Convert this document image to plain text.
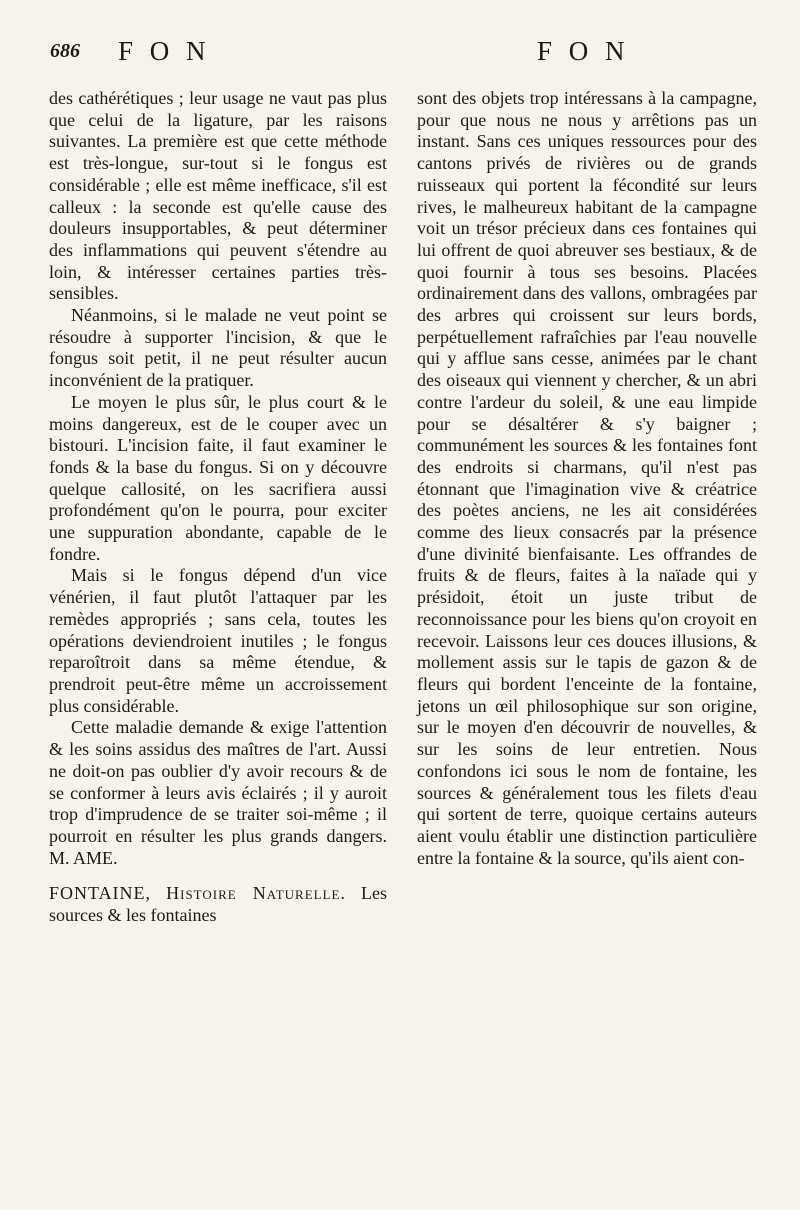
686 F O N	F O N

des cathérétiques ; leur usage ne vaut pas plus que celui de la ligature, par les raisons suivantes. La première est que cette méthode est très-longue, sur-tout si le fongus est considérable ; elle est même inefficace, s'il est calleux : la seconde est qu'elle cause des douleurs insupportables, & peut déterminer des inflammations qui peuvent s'étendre au loin, & intéresser certaines parties très-sensibles.

Néanmoins, si le malade ne veut point se résoudre à supporter l'incision, & que le fongus soit petit, il ne peut résulter aucun inconvénient de la pratiquer.

Le moyen le plus sûr, le plus court & le moins dangereux, est de le couper avec un bistouri. L'incision faite, il faut examiner le fonds & la base du fongus. Si on y découvre quelque callosité, on les sacrifiera aussi profondément qu'on le pourra, pour exciter une suppuration abondante, capable de le fondre.

Mais si le fongus dépend d'un vice vénérien, il faut plutôt l'attaquer par les remèdes appropriés ; sans cela, toutes les opérations deviendroient inutiles ; le fongus reparoîtroit dans sa même étendue, & prendroit peut-être même un accroissement plus considérable.

Cette maladie demande & exige l'attention & les soins assidus des maîtres de l'art. Aussi ne doit-on pas oublier d'y avoir recours & de se conformer à leurs avis éclairés ; il y auroit trop d'imprudence de se traiter soi-même ; il pourroit en résulter les plus grands dangers. M. AME.

FONTAINE, Histoire Naturelle. Les sources & les fontaines

sont des objets trop intéressans à la campagne, pour que nous ne nous y arrêtions pas un instant. Sans ces uniques ressources pour des cantons privés de rivières ou de grands ruisseaux qui portent la fécondité sur leurs rives, le malheureux habitant de la campagne voit un trésor précieux dans ces fontaines qui lui offrent de quoi abreuver ses bestiaux, & de quoi fournir à tous ses besoins. Placées ordinairement dans des vallons, ombragées par des arbres qui croissent sur leurs bords, perpétuellement rafraîchies par l'eau nouvelle qui y afflue sans cesse, animées par le chant des oiseaux qui viennent y chercher, & un abri contre l'ardeur du soleil, & une eau limpide pour se désaltérer & s'y baigner ; communément les sources & les fontaines font des endroits si charmans, qu'il n'est pas étonnant que l'imagination vive & créatrice des poètes anciens, ne les ait considérées comme des lieux consacrés par la présence d'une divinité bienfaisante. Les offrandes de fruits & de fleurs, faites à la naïade qui y présidoit, étoit un juste tribut de reconnoissance pour les biens qu'on croyoit en recevoir. Laissons leur ces douces illusions, & mollement assis sur le tapis de gazon & de fleurs qui bordent l'enceinte de la fontaine, jetons un œil philosophique sur son origine, sur le moyen d'en découvrir de nouvelles, & sur les soins de leur entretien. Nous confondons ici sous le nom de fontaine, les sources & généralement tous les filets d'eau qui sortent de terre, quoique certains auteurs aient voulu établir une distinction particulière entre la fontaine & la source, qu'ils aient con-
